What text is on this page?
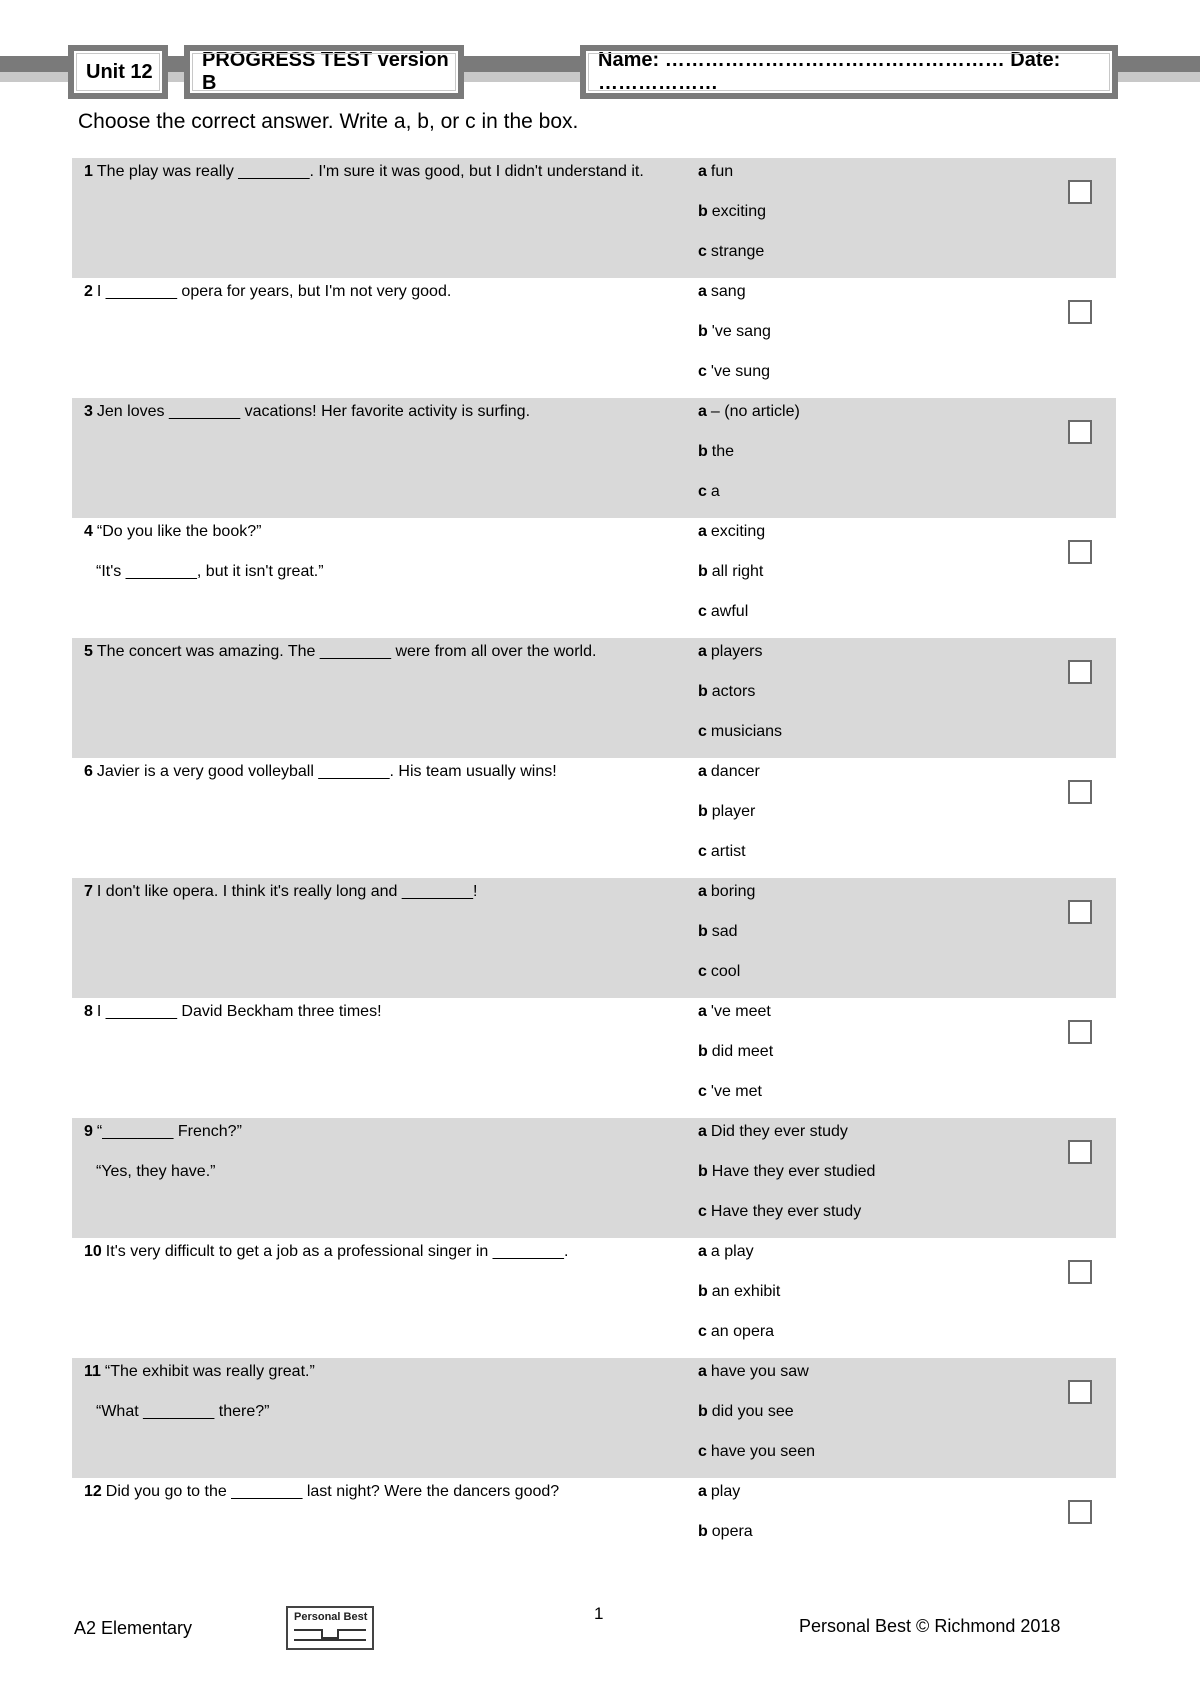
Unit 12
PROGRESS TEST version B
Name: …………………………………………… Date: ………………
Choose the correct answer. Write a, b, or c in the box.
1 The play was really ________. I'm sure it was good, but I didn't understand it.	a fun
b exciting
c strange
2 I ________ opera for years, but I'm not very good.	a sang
b 've sang
c 've sung
3 Jen loves ________ vacations! Her favorite activity is surfing.	a – (no article)
b the
c a
4 “Do you like the book?”
“It's ________, but it isn't great.”
a exciting
b all right
c awful
5 The concert was amazing. The ________ were from all over the world.	a players
b actors
c musicians
6 Javier is a very good volleyball ________. His team usually wins!	a dancer
b player
c artist
7 I don't like opera. I think it's really long and ________!	a boring
b sad
c cool
8 I ________ David Beckham three times!	a 've meet
b did meet
c 've met
9 “________ French?”
“Yes, they have.”
a Did they ever study
b Have they ever studied
c Have they ever study
10 It's very difficult to get a job as a professional singer in ________.	a a play
b an exhibit
c an opera
11 “The exhibit was really great.”
“What ________ there?”
a have you saw
b did you see
c have you seen
12 Did you go to the ________ last night? Were the dancers good?	a play
b opera
A2 Elementary
Personal Best	1
Personal Best © Richmond 2018
